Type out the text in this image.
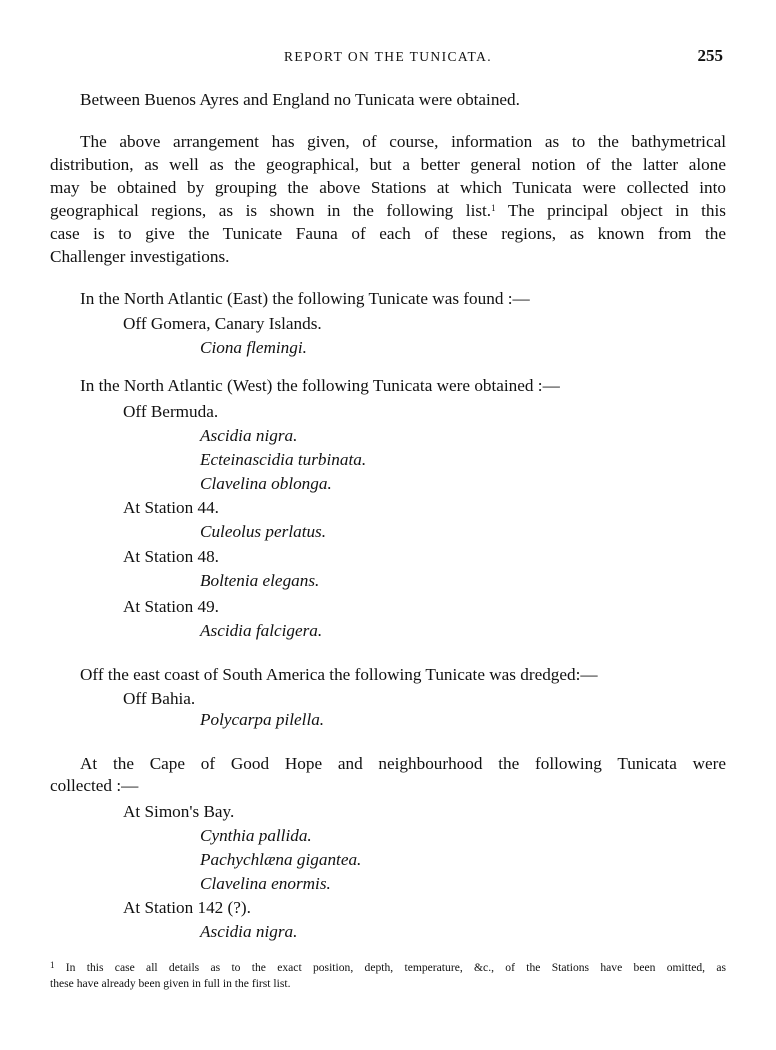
REPORT ON THE TUNICATA.	255
Between Buenos Ayres and England no Tunicata were obtained.
The above arrangement has given, of course, information as to the bathymetrical
distribution, as well as the geographical, but a better general notion of the latter alone
may be obtained by grouping the above Stations at which Tunicata were collected into
geographical regions, as is shown in the following list.$^1$ The principal object in this
case is to give the Tunicate Fauna of each of these regions, as known from the
Challenger investigations.
In the North Atlantic (East) the following Tunicate was found :—
Off Gomera, Canary Islands.
Ciona flemingi.
In the North Atlantic (West) the following Tunicata were obtained :—
Off Bermuda.
Ascidia nigra.
Ecteinascidia turbinata.
Clavelina oblonga.
At Station 44.
Culeolus perlatus.
At Station 48.
Boltenia elegans.
At Station 49.
Ascidia falcigera.
Off the east coast of South America the following Tunicate was dredged:—
Off Bahia.
Polycarpa pilella.
At the Cape of Good Hope and neighbourhood the following Tunicata were
collected :—
At Simon's Bay.
Cynthia pallida.
Pachychlæna gigantea.
Clavelina enormis.
At Station 142 (?).
Ascidia nigra.
$^1$ In this case all details as to the exact position, depth, temperature, &c., of the Stations have been omitted, as
these have already been given in full in the first list.
